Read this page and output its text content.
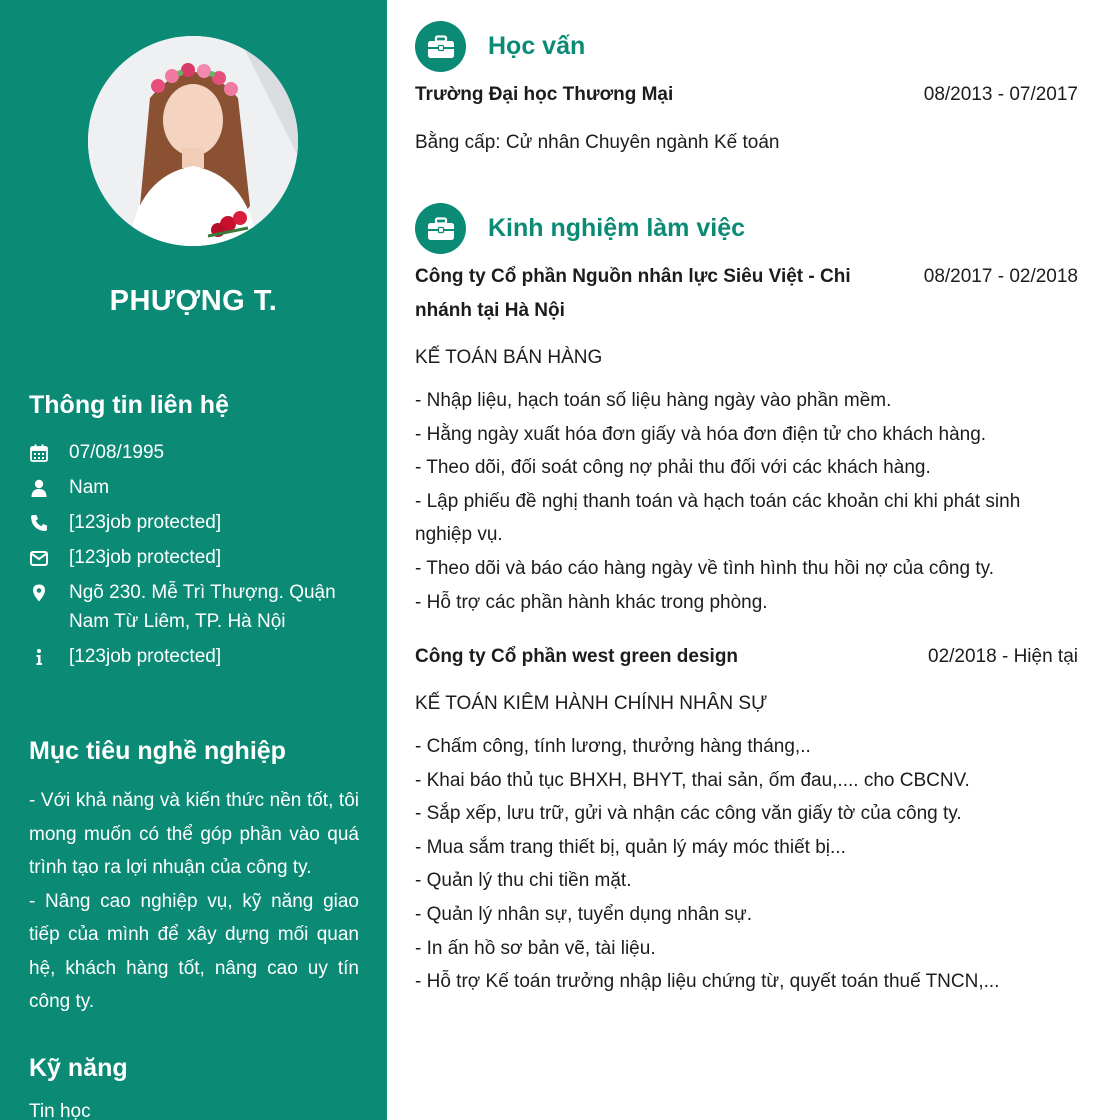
PHƯỢNG T.
Thông tin liên hệ
07/08/1995
Nam
[123job protected]
[123job protected]
Ngõ 230. Mễ Trì Thượng. Quận Nam Từ Liêm, TP. Hà Nội
[123job protected]
Mục tiêu nghề nghiệp
- Với khả năng và kiến thức nền tốt, tôi mong muốn có thể góp phần vào quá trình tạo ra lợi nhuận của công ty.
- Nâng cao nghiệp vụ, kỹ năng giao tiếp của mình để xây dựng mối quan hệ, khách hàng tốt, nâng cao uy tín công ty.
Kỹ năng
Tin học
Học vấn
Trường Đại học Thương Mại	08/2013 - 07/2017
Bằng cấp: Cử nhân Chuyên ngành Kế toán
Kinh nghiệm làm việc
Công ty Cổ phần Nguồn nhân lực Siêu Việt - Chi nhánh tại Hà Nội
08/2017 - 02/2018
KẾ TOÁN BÁN HÀNG
- Nhập liệu, hạch toán số liệu hàng ngày vào phần mềm.
- Hằng ngày xuất hóa đơn giấy và hóa đơn điện tử cho khách hàng.
- Theo dõi, đối soát công nợ phải thu đối với các khách hàng.
- Lập phiếu đề nghị thanh toán và hạch toán các khoản chi khi phát sinh nghiệp vụ.
- Theo dõi và báo cáo hàng ngày về tình hình thu hồi nợ của công ty.
- Hỗ trợ các phần hành khác trong phòng.
Công ty Cổ phần west green design	02/2018 - Hiện tại
KẾ TOÁN KIÊM HÀNH CHÍNH NHÂN SỰ
- Chấm công, tính lương, thưởng hàng tháng,..
- Khai báo thủ tục BHXH, BHYT, thai sản, ốm đau,.... cho CBCNV.
- Sắp xếp, lưu trữ, gửi và nhận các công văn giấy tờ của công ty.
- Mua sắm trang thiết bị, quản lý máy móc thiết bị...
- Quản lý thu chi tiền mặt.
- Quản lý nhân sự, tuyển dụng nhân sự.
- In ấn hồ sơ bản vẽ, tài liệu.
- Hỗ trợ Kế toán trưởng nhập liệu chứng từ, quyết toán thuế TNCN,...
